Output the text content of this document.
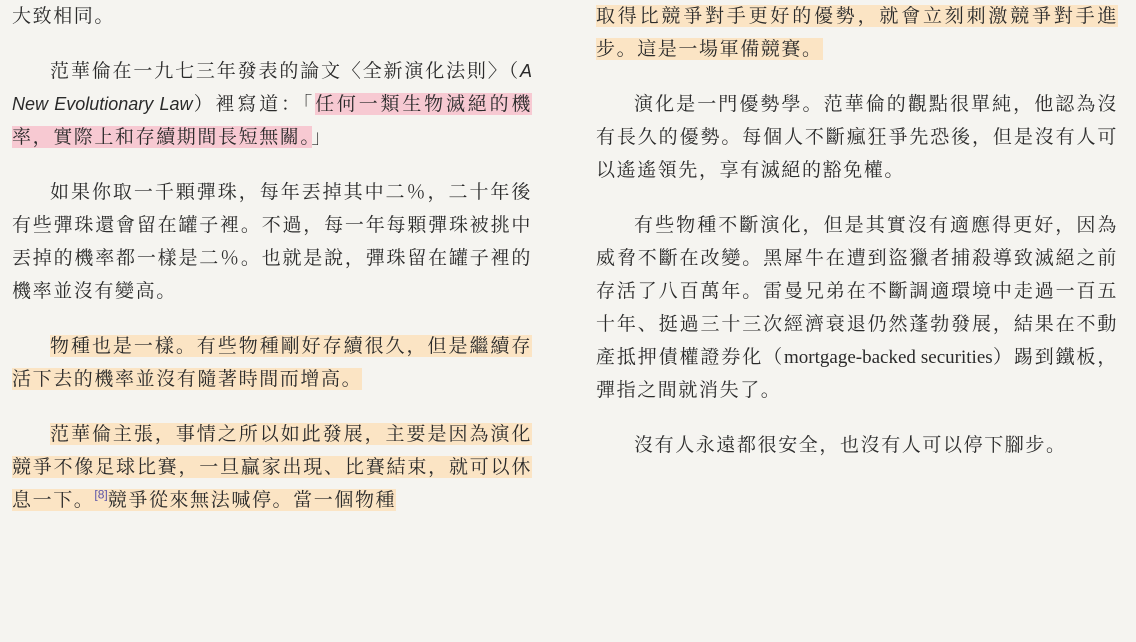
大致相同。

范華倫在一九七三年發表的論文〈全新演化法則〉（A New Evolutionary Law）裡寫道：「任何一類生物滅絕的機率，實際上和存續期間長短無關。」

如果你取一千顆彈珠，每年丟掉其中二％，二十年後有些彈珠還會留在罐子裡。不過，每一年每顆彈珠被挑中丟掉的機率都一樣是二％。也就是說，彈珠留在罐子裡的機率並沒有變高。

物種也是一樣。有些物種剛好存續很久，但是繼續存活下去的機率並沒有隨著時間而增高。

范華倫主張，事情之所以如此發展，主要是因為演化競爭不像足球比賽，一旦贏家出現、比賽結束，就可以休息一下。[8]競爭從來無法喊停。當一個物種

取得比競爭對手更好的優勢，就會立刻刺激競爭對手進步。這是一場軍備競賽。

演化是一門優勢學。范華倫的觀點很單純，他認為沒有長久的優勢。每個人不斷瘋狂爭先恐後，但是沒有人可以遙遙領先，享有滅絕的豁免權。

有些物種不斷演化，但是其實沒有適應得更好，因為威脅不斷在改變。黑犀牛在遭到盜獵者捕殺導致滅絕之前存活了八百萬年。雷曼兄弟在不斷調適環境中走過一百五十年、挺過三十三次經濟衰退仍然蓬勃發展，結果在不動產抵押債權證券化（mortgage-backed securities）踢到鐵板，彈指之間就消失了。

沒有人永遠都很安全，也沒有人可以停下腳步。
